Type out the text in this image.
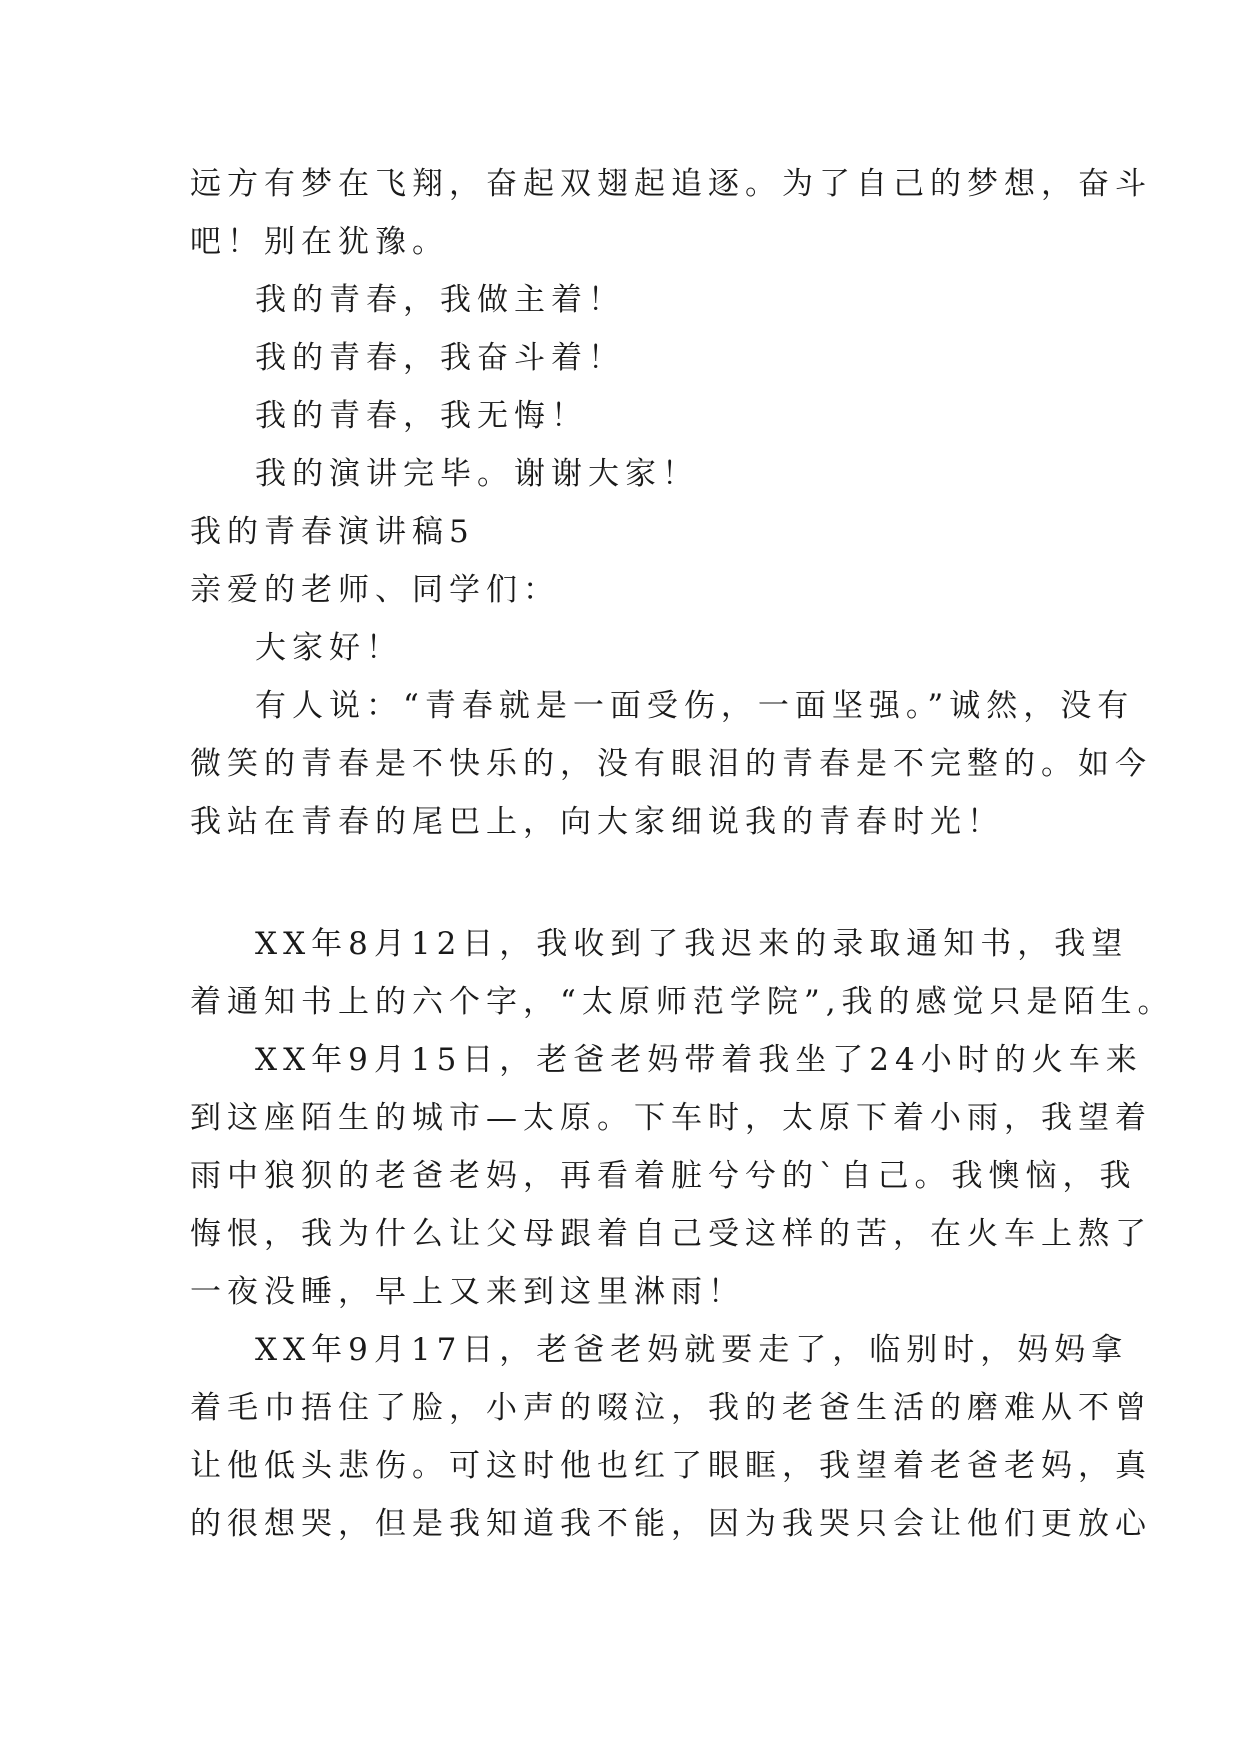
远方有梦在飞翔，奋起双翅起追逐。为了自己的梦想，奋斗
吧！别在犹豫。
我的青春，我做主着！
我的青春，我奋斗着！
我的青春，我无悔！
我的演讲完毕。谢谢大家！
我的青春演讲稿5
亲爱的老师、同学们：
大家好！
有人说：“青春就是一面受伤，一面坚强。”诚然，没有
微笑的青春是不快乐的，没有眼泪的青春是不完整的。如今
我站在青春的尾巴上，向大家细说我的青春时光！
XX年8月12日，我收到了我迟来的录取通知书，我望
着通知书上的六个字，“太原师范学院”,我的感觉只是陌生。
XX年9月15日，老爸老妈带着我坐了24小时的火车来
到这座陌生的城市—太原。下车时，太原下着小雨，我望着
雨中狼狈的老爸老妈，再看着脏兮兮的`自己。我懊恼，我
悔恨，我为什么让父母跟着自己受这样的苦，在火车上熬了
一夜没睡，早上又来到这里淋雨！
XX年9月17日，老爸老妈就要走了，临别时，妈妈拿
着毛巾捂住了脸，小声的啜泣，我的老爸生活的磨难从不曾
让他低头悲伤。可这时他也红了眼眶，我望着老爸老妈，真
的很想哭，但是我知道我不能，因为我哭只会让他们更放心
